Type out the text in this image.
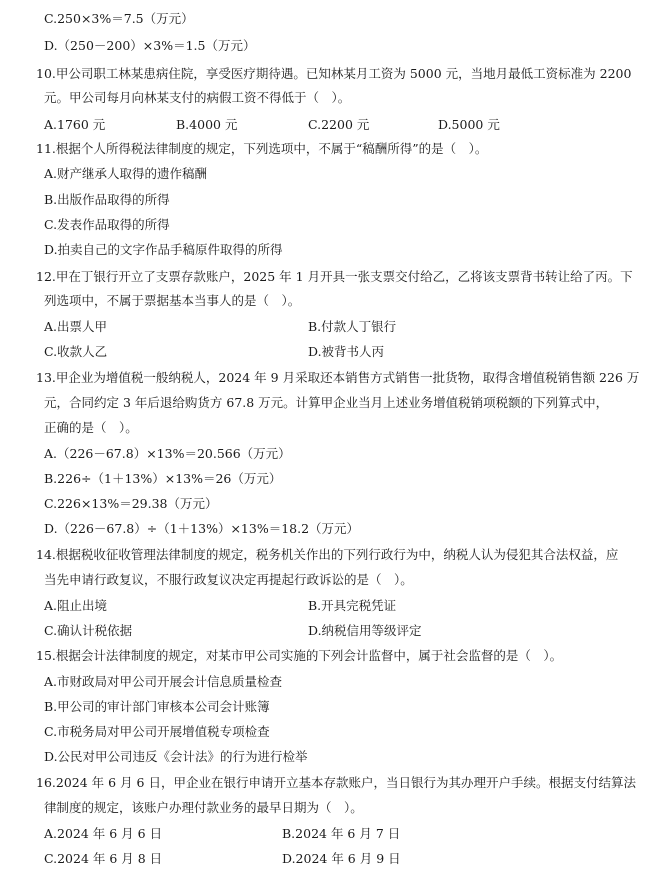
C.250×3%＝7.5（万元）
D.（250－200）×3%＝1.5（万元）
10.甲公司职工林某患病住院，享受医疗期待遇。已知林某月工资为 5000 元，当地月最低工资标准为 2200
元。甲公司每月向林某支付的病假工资不得低于（　）。
A.1760 元	B.4000 元	C.2200 元	D.5000 元
11.根据个人所得税法律制度的规定，下列选项中，不属于“稿酬所得”的是（　）。
A.财产继承人取得的遗作稿酬
B.出版作品取得的所得
C.发表作品取得的所得
D.拍卖自己的文字作品手稿原件取得的所得
12.甲在丁银行开立了支票存款账户，2025 年 1 月开具一张支票交付给乙，乙将该支票背书转让给了丙。下
列选项中，不属于票据基本当事人的是（　）。
A.出票人甲	B.付款人丁银行
C.收款人乙	D.被背书人丙
13.甲企业为增值税一般纳税人，2024 年 9 月采取还本销售方式销售一批货物，取得含增值税销售额 226 万
元，合同约定 3 年后退给购货方 67.8 万元。计算甲企业当月上述业务增值税销项税额的下列算式中，
正确的是（　）。
A.（226－67.8）×13%＝20.566（万元）
B.226÷（1＋13%）×13%＝26（万元）
C.226×13%＝29.38（万元）
D.（226－67.8）÷（1＋13%）×13%＝18.2（万元）
14.根据税收征收管理法律制度的规定，税务机关作出的下列行政行为中，纳税人认为侵犯其合法权益，应
当先申请行政复议，不服行政复议决定再提起行政诉讼的是（　）。
A.阻止出境	B.开具完税凭证
C.确认计税依据	D.纳税信用等级评定
15.根据会计法律制度的规定，对某市甲公司实施的下列会计监督中，属于社会监督的是（　）。
A.市财政局对甲公司开展会计信息质量检查
B.甲公司的审计部门审核本公司会计账簿
C.市税务局对甲公司开展增值税专项检查
D.公民对甲公司违反《会计法》的行为进行检举
16.2024 年 6 月 6 日，甲企业在银行申请开立基本存款账户，当日银行为其办理开户手续。根据支付结算法
律制度的规定，该账户办理付款业务的最早日期为（　）。
A.2024 年 6 月 6 日	B.2024 年 6 月 7 日
C.2024 年 6 月 8 日	D.2024 年 6 月 9 日
